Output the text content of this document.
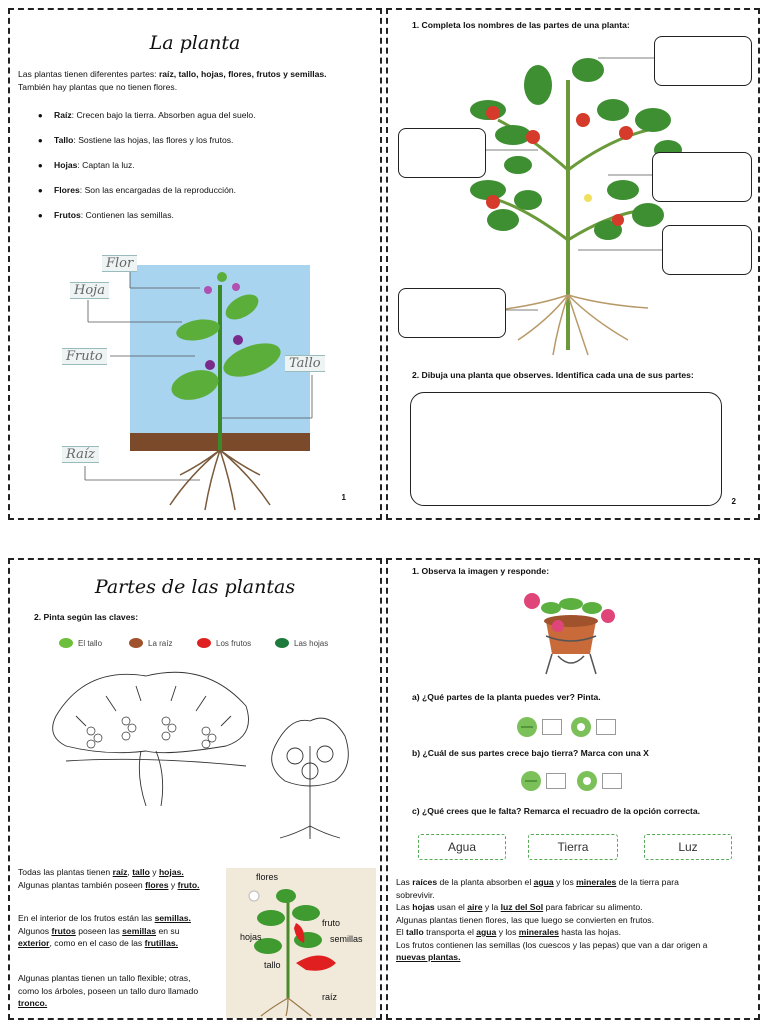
La planta
Las plantas tienen diferentes partes: raíz, tallo, hojas, flores, frutos y semillas.
También hay plantas que no tienen flores.
• Raíz: Crecen bajo la tierra. Absorben agua del suelo.
• Tallo: Sostiene las hojas, las flores y los frutos.
• Hojas: Captan la luz.
• Flores: Son las encargadas de la reproducción.
• Frutos: Contienen las semillas.
Flor
Hoja
Fruto	Tallo
Raíz
1
1. Completa los nombres de las partes de una planta:
2. Dibuja una planta que observes. Identifica cada una de sus partes:
2
Partes de las plantas
2. Pinta según las claves:
El tallo	La raíz	Los frutos	Las hojas
Todas las plantas tienen raíz, tallo y hojas.
Algunas plantas también poseen flores y fruto.
En el interior de los frutos están las semillas.
Algunos frutos poseen las semillas en su
exterior, como en el caso de las frutillas.
Algunas plantas tienen un tallo flexible; otras,
como los árboles, poseen un tallo duro llamado
tronco.
flores
hojas
fruto
semillas
tallo
raíz
1. Observa la imagen y responde:
a) ¿Qué partes de la planta puedes ver? Pinta.
b) ¿Cuál de sus partes crece bajo tierra? Marca con una X
c) ¿Qué crees que le falta? Remarca el recuadro de la opción correcta.
Agua	Tierra	Luz
Las raíces de la planta absorben el agua y los minerales de la tierra para
sobrevivir.
Las hojas usan el aire y la luz del Sol para fabricar su alimento.
Algunas plantas tienen flores, las que luego se convierten en frutos.
El tallo transporta el agua y los minerales hasta las hojas.
Los frutos contienen las semillas (los cuescos y las pepas) que van a dar origen a
nuevas plantas.
